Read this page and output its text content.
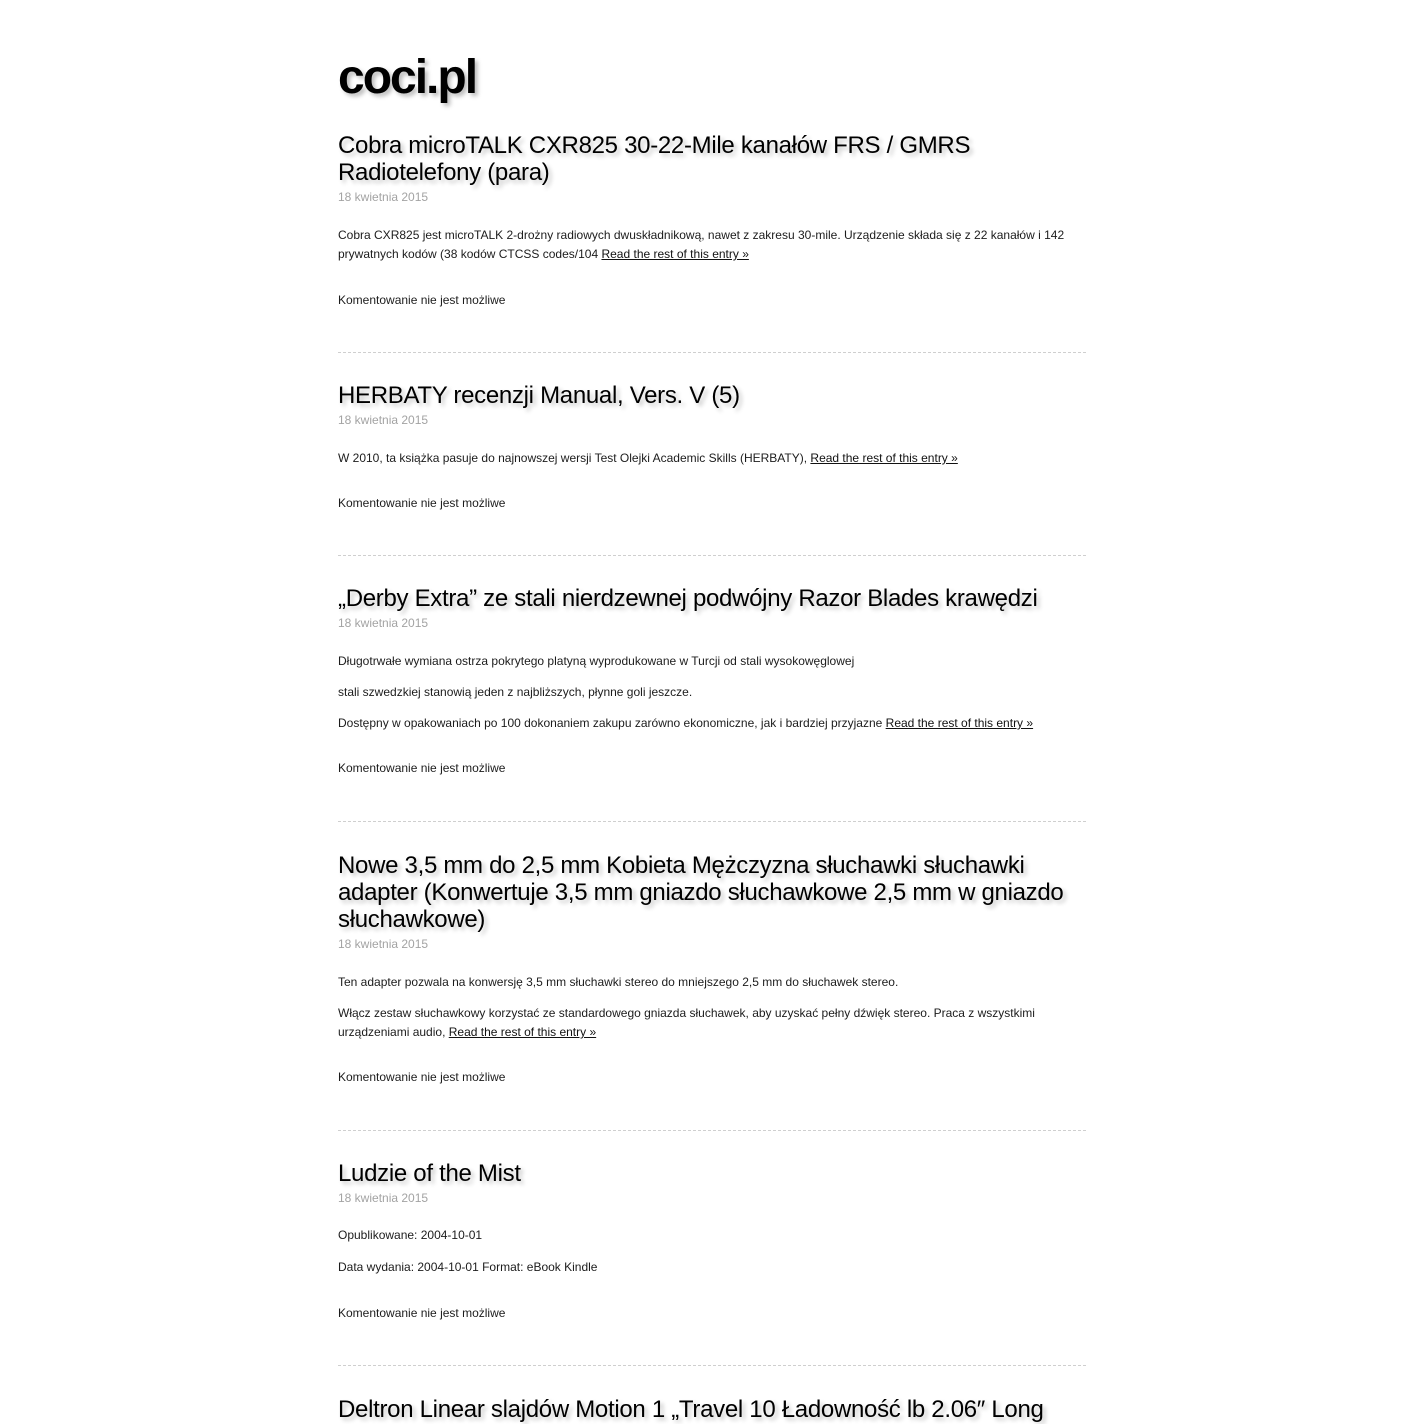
coci.pl
Cobra microTALK CXR825 30-22-Mile kanałów FRS / GMRS Radiotelefony (para)
18 kwietnia 2015

Cobra CXR825 jest microTALK 2-drożny radiowych dwuskładnikową, nawet z zakresu 30-mile. Urządzenie składa się z 22 kanałów i 142 prywatnych kodów (38 kodów CTCSS codes/104 Read the rest of this entry »

Komentowanie nie jest możliwe
HERBATY recenzji Manual, Vers. V (5)
18 kwietnia 2015

W 2010, ta książka pasuje do najnowszej wersji Test Olejki Academic Skills (HERBATY), Read the rest of this entry »

Komentowanie nie jest możliwe
„Derby Extra” ze stali nierdzewnej podwójny Razor Blades krawędzi
18 kwietnia 2015

Długotrwałe wymiana ostrza pokrytego platyną wyprodukowane w Turcji od stali wysokowęglowej

stali szwedzkiej stanowią jeden z najbliższych, płynne goli jeszcze.

Dostępny w opakowaniach po 100 dokonaniem zakupu zarówno ekonomiczne, jak i bardziej przyjazne Read the rest of this entry »

Komentowanie nie jest możliwe
Nowe 3,5 mm do 2,5 mm Kobieta Mężczyzna słuchawki słuchawki adapter (Konwertuje 3,5 mm gniazdo słuchawkowe 2,5 mm w gniazdo słuchawkowe)
18 kwietnia 2015

Ten adapter pozwala na konwersję 3,5 mm słuchawki stereo do mniejszego 2,5 mm do słuchawek stereo.

Włącz zestaw słuchawkowy korzystać ze standardowego gniazda słuchawek, aby uzyskać pełny dźwięk stereo. Praca z wszystkimi urządzeniami audio, Read the rest of this entry »

Komentowanie nie jest możliwe
Ludzie of the Mist
18 kwietnia 2015

Opublikowane: 2004-10-01

Data wydania: 2004-10-01 Format: eBook Kindle

Komentowanie nie jest możliwe
Deltron Linear slajdów Motion 1 „Travel 10 Ładowność lb 2.06″ Long
